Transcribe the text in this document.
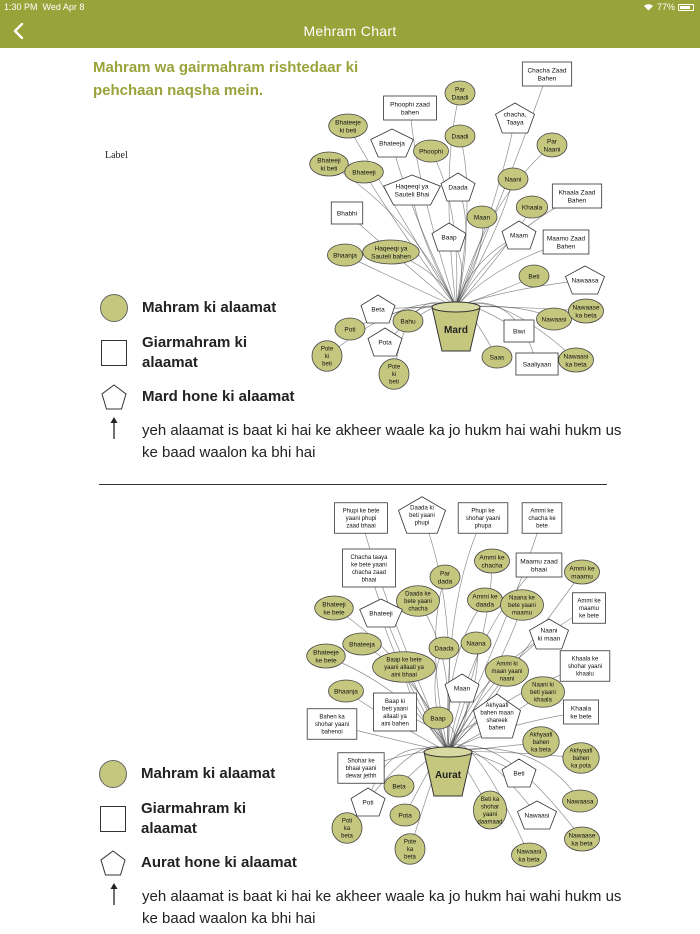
1:30 PM Wed Apr 8	77%
Mehram Chart
Mahram wa gairmahram rishtedaar ki pehchaan naqsha mein.
Label
Mard
Par
Daadi
Chacha Zaad
Bahen
Phoophi zaad
bahen	chacha,
Taaya
Bhateeje
ki beti
Daadi
Bhateeja
Phoophi
Par
Naani
Bhateeji
ki beti
Bhateeji
Naani
Haqeeqi ya
Sauteli Bhai
Daada
Khaala Zaad
Bahen
Khaala
Bhabhi
Maan
Maam
Baap	Maamo Zaad
Bahen
Haqeeqi ya
Sauteli bahen
Bhaanja
Beti
Nawaasa
Beta
Bahu	Nawaasi
Nawaase
ka beta
Poti	Biwi
Pota
Nawaasi
ka beta
Pote
ki
beti
Saas
Saaliyaan
Pote
ki
beti
Mahram ki alaamat
Giarmahram ki alaamat
Mard hone ki alaamat
yeh alaamat is baat ki hai ke akheer waale ka jo hukm hai wahi hukm us ke baad waalon ka bhi hai
Aurat
Phupi ke bete
yaani phupi
zaad bhaai
Daada ki
beti yaani
phupi
Phupi ke
shohar yaani
phupa
Ammi ke
chacha ke
bete
Chacha taaya
ke bete yaani
chacha zaad
bhaai
Ammi ke
chacha
Maamu zaad
bhaai	Ammi ke
maamu
Par
dada
Daada ke
bete yaani
chacha
Ammi ke
daada
Naana ke
bete yaani
maamu
Ammi ke
maamu
ke bete
Bhateeji
ke bete	Bhateeji
Bhateeja
Daada
Naana
Naani
ki maan
Bhateeje
ke bete	Baap ke bete
yaani allaati ya
aini bhaai
Ammi ki
maan yaani
naani
Khaala ke
shohar yaani
khaalu
Maan
Bhaanja
Naani ki
beti yaani
khaala
Khaala
ke bete
Baap ki
beti yaani
allaati ya
aini bahen
Bahen ka
shohar yaani
bahenoi
Baap
Akhyaafi
bahen maan
shareek
bahen
Akhyaafi
bahen
ka beta	Akhyaafi
bahen
ka pota
Shohar ke
bhaai yaani
dewar jethh	Beti
Beta
Poti	Nawaasa
Beti ka
shohar
yaani
daamaad
Pota	Nawaasi
Poti
ka
beta	Nawaase
ka beta
Pote
ka
beta
Nawaasi
ka beta
Mahram ki alaamat
Giarmahram ki alaamat
Aurat hone ki alaamat
yeh alaamat is baat ki hai ke akheer waale ka jo hukm hai wahi hukm us ke baad waalon ka bhi hai
